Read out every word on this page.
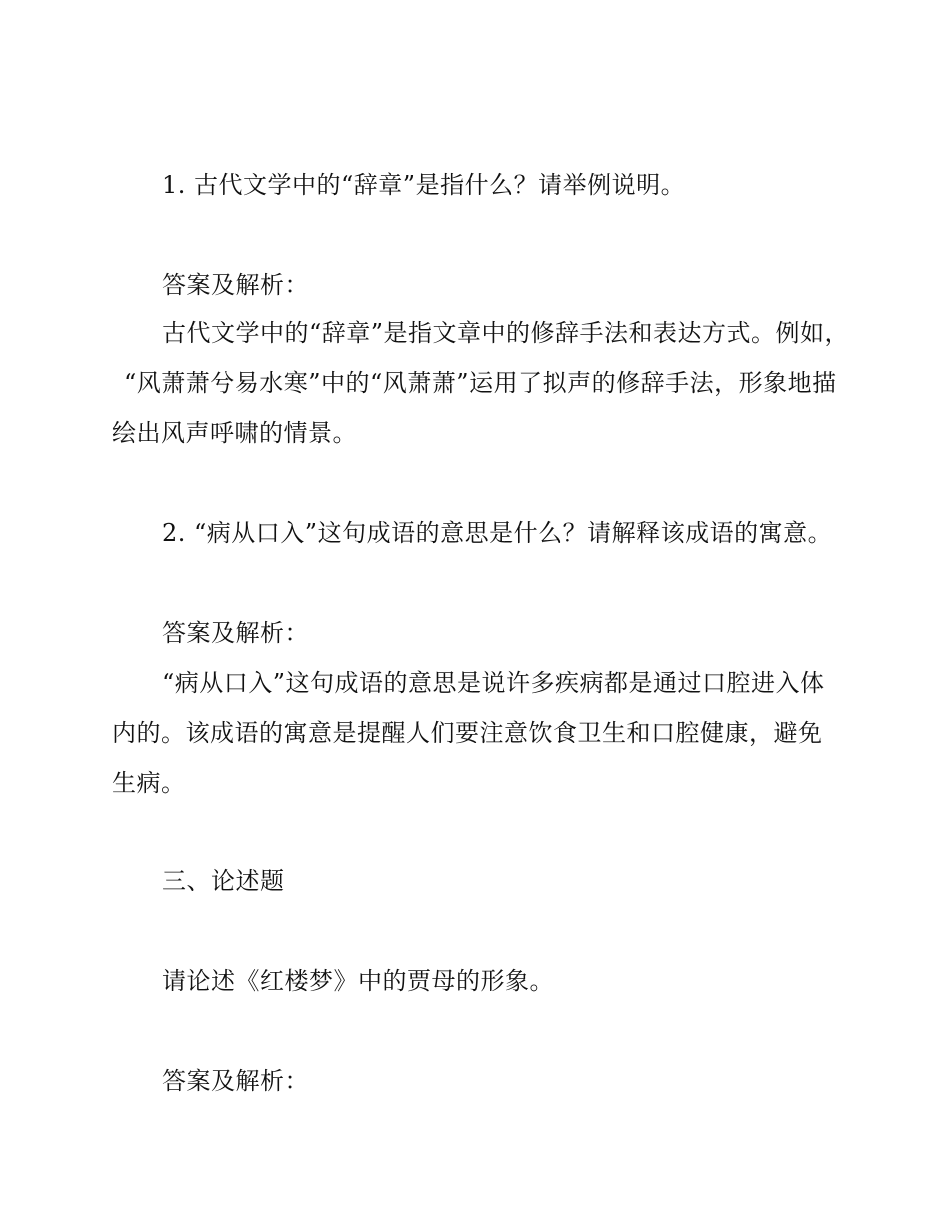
1. 古代文学中的“辞章”是指什么？请举例说明。
答案及解析：
古代文学中的“辞章”是指文章中的修辞手法和表达方式。例如，
“风萧萧兮易水寒”中的“风萧萧”运用了拟声的修辞手法，形象地描
绘出风声呼啸的情景。
2. “病从口入”这句成语的意思是什么？请解释该成语的寓意。
答案及解析：
“病从口入”这句成语的意思是说许多疾病都是通过口腔进入体
内的。该成语的寓意是提醒人们要注意饮食卫生和口腔健康，避免
生病。
三、论述题
请论述《红楼梦》中的贾母的形象。
答案及解析：
